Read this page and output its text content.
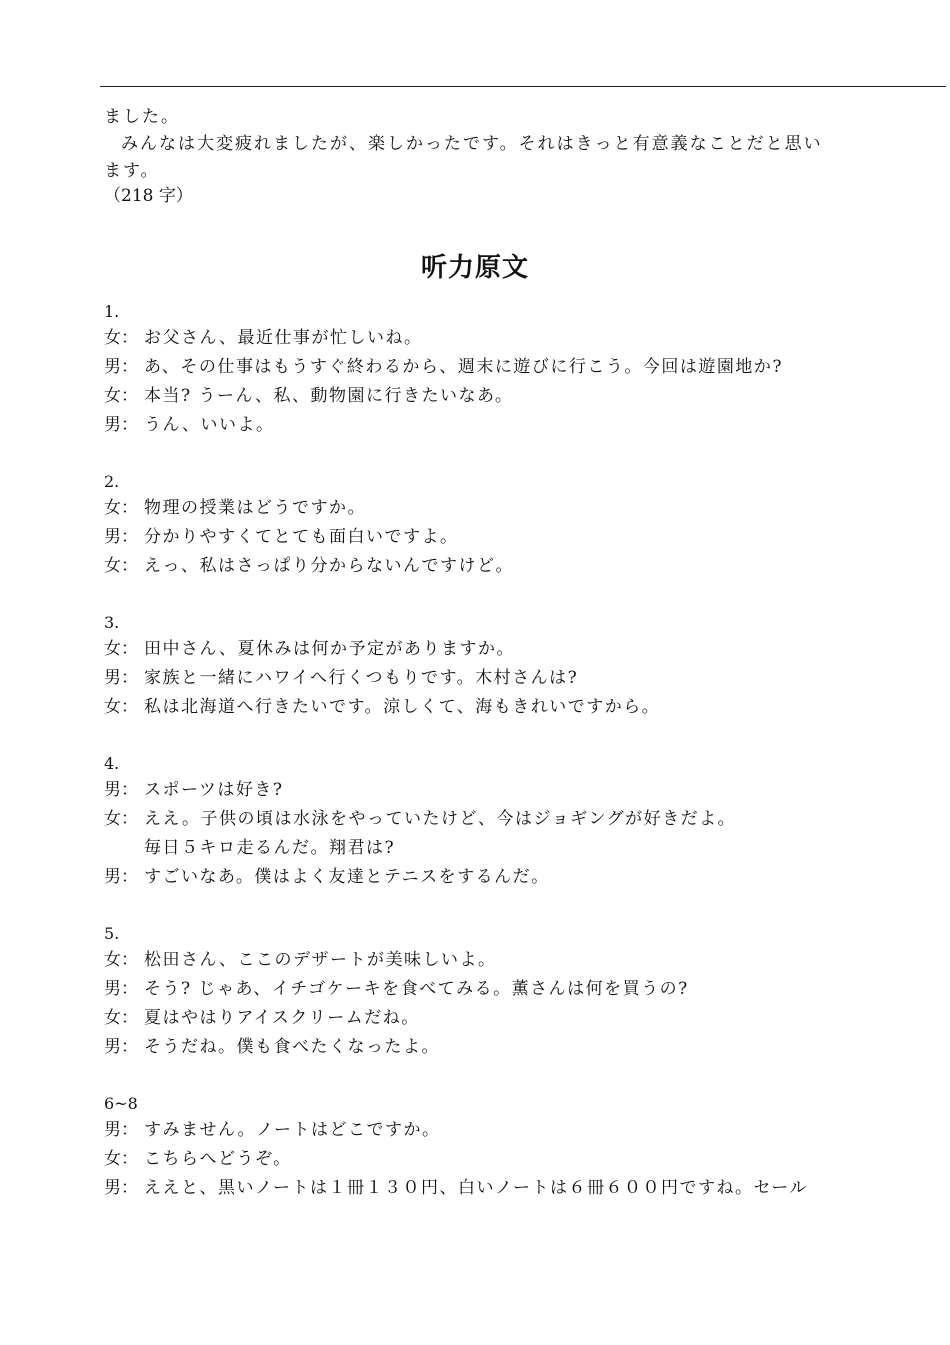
ました。

みんなは大変疲れましたが、楽しかったです。それはきっと有意義なことだと思い

ます。

（218 字）

听力原文

1.

女： お父さん、最近仕事が忙しいね。

男： あ、その仕事はもうすぐ終わるから、週末に遊びに行こう。今回は遊園地か?

女： 本当? うーん、私、動物園に行きたいなあ。

男： うん、いいよ。

2.

女： 物理の授業はどうですか。

男： 分かりやすくてとても面白いですよ。

女： えっ、私はさっぱり分からないんですけど。

3.

女： 田中さん、夏休みは何か予定がありますか。

男： 家族と一緒にハワイへ行くつもりです。木村さんは?

女： 私は北海道へ行きたいです。涼しくて、海もきれいですから。

4.

男： スポーツは好き?

女： ええ。子供の頃は水泳をやっていたけど、今はジョギングが好きだよ。

毎日５キロ走るんだ。翔君は?

男： すごいなあ。僕はよく友達とテニスをするんだ。

5.

女： 松田さん、ここのデザートが美味しいよ。

男： そう? じゃあ、イチゴケーキを食べてみる。薫さんは何を買うの?

女： 夏はやはりアイスクリームだね。

男： そうだね。僕も食べたくなったよ。

6~8

男： すみません。ノートはどこですか。

女： こちらへどうぞ。

男： ええと、黒いノートは１冊１３０円、白いノートは６冊６００円ですね。セール
